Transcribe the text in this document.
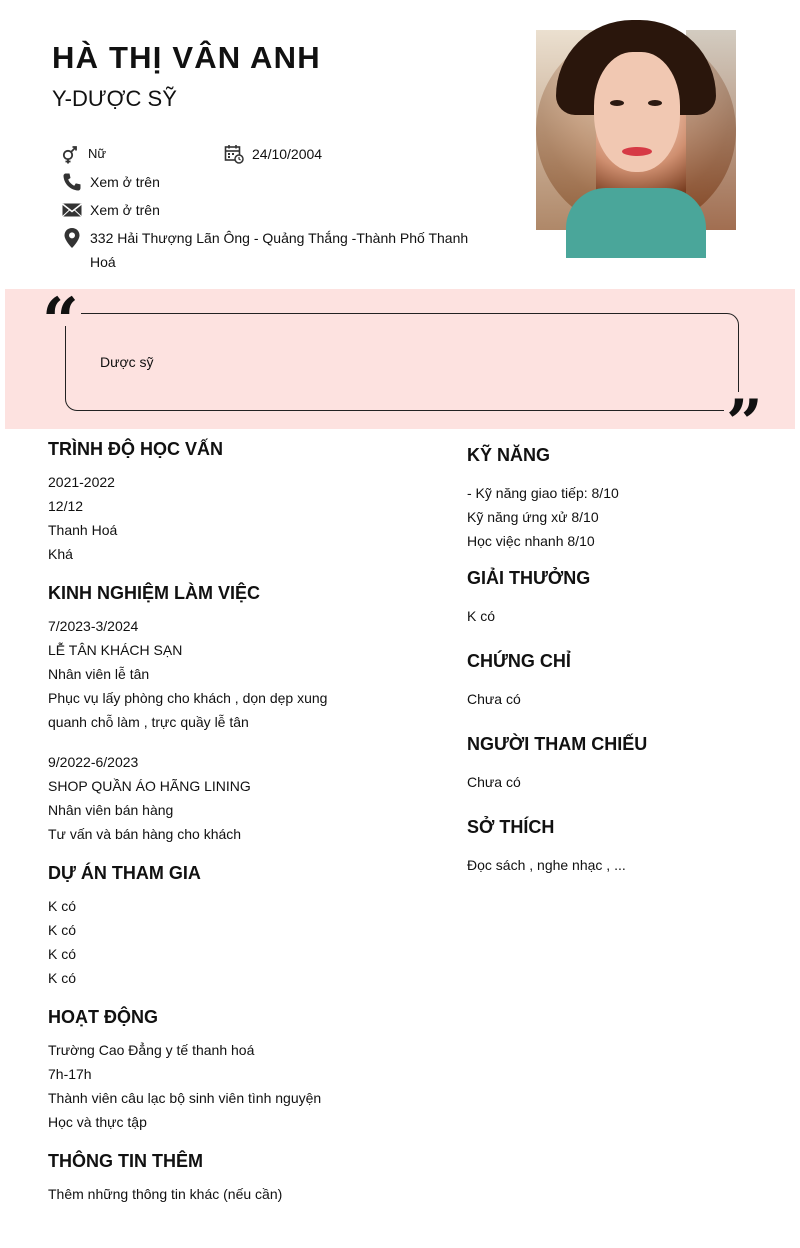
HÀ THỊ VÂN ANH
Y-DƯỢC SỸ
Nữ	24/10/2004
Xem ở trên
Xem ở trên
332 Hải Thượng Lãn Ông - Quảng Thắng -Thành Phố Thanh Hoá
“
”
Dược sỹ
TRÌNH ĐỘ HỌC VẤN
2021-2022
12/12
Thanh Hoá
Khá
KINH NGHIỆM LÀM VIỆC
7/2023-3/2024
LỄ TÂN KHÁCH SẠN
Nhân viên lễ tân
Phục vụ lấy phòng cho khách , dọn dẹp xung quanh chỗ làm , trực quầy lễ tân
9/2022-6/2023
SHOP QUẦN ÁO HÃNG LINING
Nhân viên bán hàng
Tư vấn và bán hàng cho khách
DỰ ÁN THAM GIA
K có
K có
K có
K có
HOẠT ĐỘNG
Trường Cao Đẳng y tế thanh hoá
7h-17h
Thành viên câu lạc bộ sinh viên tình nguyện
Học và thực tập
THÔNG TIN THÊM
Thêm những thông tin khác (nếu cần)
KỸ NĂNG
- Kỹ năng giao tiếp: 8/10
Kỹ năng ứng xử 8/10
Học việc nhanh 8/10
GIẢI THƯỞNG
K có
CHỨNG CHỈ
Chưa có
NGƯỜI THAM CHIẾU
Chưa có
SỞ THÍCH
Đọc sách , nghe nhạc , ...
